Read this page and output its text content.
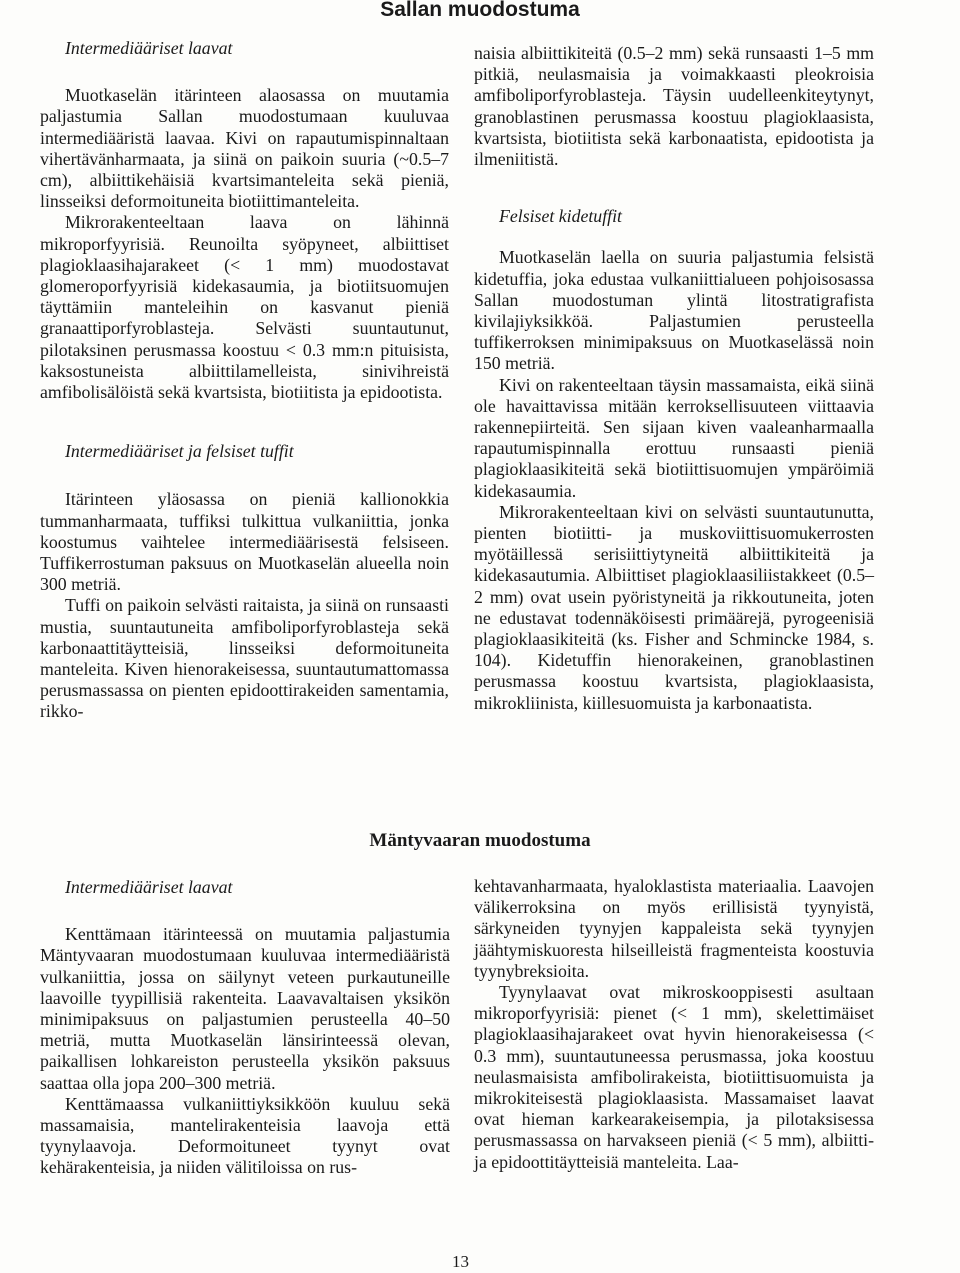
Sallan muodostuma

Intermediääriset laavat

Muotkaselän itärinteen alaosassa on muutamia paljastumia Sallan muodostumaan kuuluvaa intermediääristä laavaa. Kivi on rapautumispinnaltaan vihertävänharmaata, ja siinä on paikoin suuria (~0.5–7 cm), albiittikehäisiä kvartsimanteleita sekä pieniä, linsseiksi deformoituneita biotiittimanteleita.

Mikrorakenteeltaan laava on lähinnä mikroporfyyrisiä. Reunoilta syöpyneet, albiittiset plagioklaasihajarakeet (< 1 mm) muodostavat glomeroporfyyrisiä kidekasaumia, ja biotiitsuomujen täyttämiin manteleihin on kasvanut pieniä granaattiporfyroblasteja. Selvästi suuntautunut, pilotaksinen perusmassa koostuu < 0.3 mm:n pituisista, kaksostuneista albiittilamelleista, sinivihreistä amfibolisälöistä sekä kvartsista, biotiitista ja epidootista.

Intermediääriset ja felsiset tuffit

Itärinteen yläosassa on pieniä kallionokkia tummanharmaata, tuffiksi tulkittua vulkaniittia, jonka koostumus vaihtelee intermediäärisestä felsiseen. Tuffikerrostuman paksuus on Muotkaselän alueella noin 300 metriä.

Tuffi on paikoin selvästi raitaista, ja siinä on runsaasti mustia, suuntautuneita amfiboliporfyroblasteja sekä karbonaattitäytteisiä, linsseiksi deformoituneita manteleita. Kiven hienorakeisessa, suuntautumattomassa perusmassassa on pienten epidoottirakeiden samentamia, rikko-

naisia albiittikiteitä (0.5–2 mm) sekä runsaasti 1–5 mm pitkiä, neulasmaisia ja voimakkaasti pleokroisia amfiboliporfyroblasteja. Täysin uudelleenkiteytynyt, granoblastinen perusmassa koostuu plagioklaasista, kvartsista, biotiitista sekä karbonaatista, epidootista ja ilmeniitistä.

Felsiset kidetuffit

Muotkaselän laella on suuria paljastumia felsistä kidetuffia, joka edustaa vulkaniittialueen pohjoisosassa Sallan muodostuman ylintä litostratigrafista kivilajiyksikköä. Paljastumien perusteella tuffikerroksen minimipaksuus on Muotkaselässä noin 150 metriä.

Kivi on rakenteeltaan täysin massamaista, eikä siinä ole havaittavissa mitään kerroksellisuuteen viittaavia rakennepiirteitä. Sen sijaan kiven vaaleanharmaalla rapautumispinnalla erottuu runsaasti pieniä plagioklaasikiteitä sekä biotiittisuomujen ympäröimiä kidekasaumia.

Mikrorakenteeltaan kivi on selvästi suuntautunutta, pienten biotiitti- ja muskoviittisuomukerrosten myötäillessä serisiittiytyneitä albiittikiteitä ja kidekasautumia. Albiittiset plagioklaasiliistakkeet (0.5–2 mm) ovat usein pyöristyneitä ja rikkoutuneita, joten ne edustavat todennäköisesti primäärejä, pyrogeenisiä plagioklaasikiteitä (ks. Fisher and Schmincke 1984, s. 104). Kidetuffin hienorakeinen, granoblastinen perusmassa koostuu kvartsista, plagioklaasista, mikrokliinista, kiillesuomuista ja karbonaatista.

Mäntyvaaran muodostuma

Intermediääriset laavat

Kenttämaan itärinteessä on muutamia paljastumia Mäntyvaaran muodostumaan kuuluvaa intermediääristä vulkaniittia, jossa on säilynyt veteen purkautuneille laavoille tyypillisiä rakenteita. Laavavaltaisen yksikön minimipaksuus on paljastumien perusteella 40–50 metriä, mutta Muotkaselän länsirinteessä olevan, paikallisen lohkareiston perusteella yksikön paksuus saattaa olla jopa 200–300 metriä.

Kenttämaassa vulkaniittiyksikköön kuuluu sekä massamaisia, mantelirakenteisia laavoja että tyynylaavoja. Deformoituneet tyynyt ovat kehärakenteisia, ja niiden välitiloissa on rus-

kehtavanharmaata, hyaloklastista materiaalia. Laavojen välikerroksina on myös erillisistä tyynyistä, särkyneiden tyynyjen kappaleista sekä tyynyjen jäähtymiskuoresta hilseilleistä fragmenteista koostuvia tyynybreksioita.

Tyynylaavat ovat mikroskooppisesti asultaan mikroporfyyrisiä: pienet (< 1 mm), skelettimäiset plagioklaasihajarakeet ovat hyvin hienorakeisessa (< 0.3 mm), suuntautuneessa perusmassa, joka koostuu neulasmaisista amfibolirakeista, biotiittisuomuista ja mikrokiteisestä plagioklaasista. Massamaiset laavat ovat hieman karkearakeisempia, ja pilotaksisessa perusmassassa on harvakseen pieniä (< 5 mm), albiitti- ja epidoottitäytteisiä manteleita. Laa-

13
